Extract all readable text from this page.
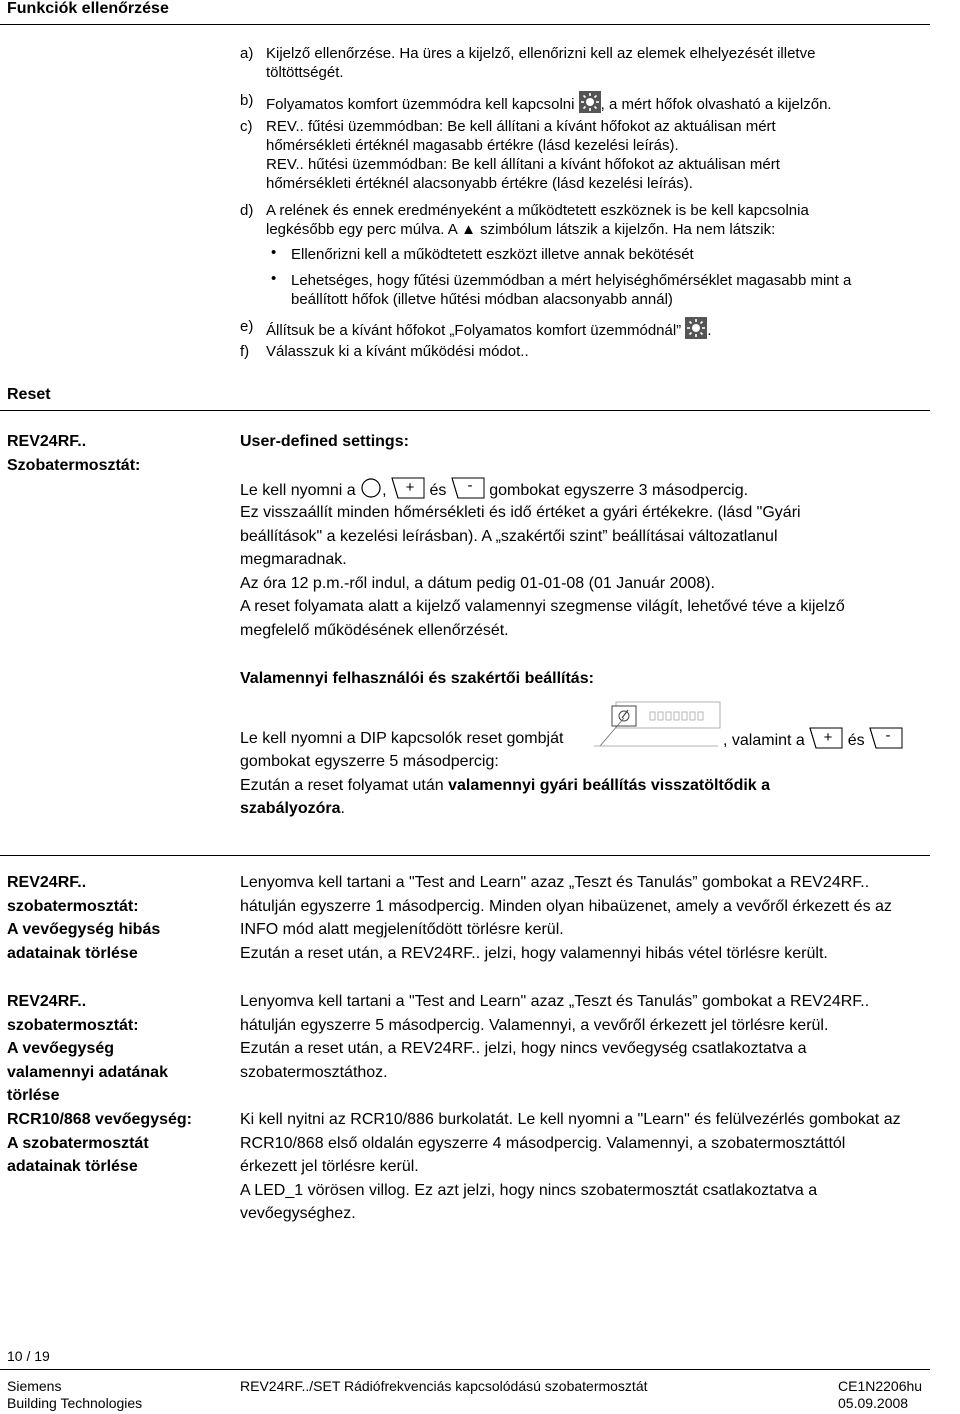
Funkciók ellenőrzése
a) Kijelző ellenőrzése. Ha üres a kijelző, ellenőrizni kell az elemek elhelyezését illetve
töltöttségét.
b) Folyamatos komfort üzemmódra kell kapcsolni , a mért hőfok olvasható a kijelzőn.
c) REV.. fűtési üzemmódban: Be kell állítani a kívánt hőfokot az aktuálisan mért
hőmérsékleti értéknél magasabb értékre (lásd kezelési leírás).
REV.. hűtési üzemmódban: Be kell állítani a kívánt hőfokot az aktuálisan mért
hőmérsékleti értéknél alacsonyabb értékre (lásd kezelési leírás).
d) A relének és ennek eredményeként a működtetett eszköznek is be kell kapcsolnia
legkésőbb egy perc múlva. A ▲ szimbólum látszik a kijelzőn. Ha nem látszik:
• Ellenőrizni kell a működtetett eszközt illetve annak bekötését
• Lehetséges, hogy fűtési üzemmódban a mért helyiséghőmérséklet magasabb mint a
beállított hőfok (illetve hűtési módban alacsonyabb annál)
e) Állítsuk be a kívánt hőfokot „Folyamatos komfort üzemmódnál” .
f) Válasszuk ki a kívánt működési módot..
Reset
REV24RF..
Szobatermosztát:
User-defined settings:
Le kell nyomni a , + és - gombokat egyszerre 3 másodpercig.
Ez visszaállít minden hőmérsékleti és idő értéket a gyári értékekre. (lásd "Gyári
beállítások" a kezelési leírásban). A „szakértői szint” beállításai változatlanul
megmaradnak.
Az óra 12 p.m.-ről indul, a dátum pedig 01-01-08 (01 Január 2008).
A reset folyamata alatt a kijelző valamennyi szegmense világít, lehetővé téve a kijelző
megfelelő működésének ellenőrzését.
Valamennyi felhasználói és szakértői beállítás:
Le kell nyomni a DIP kapcsolók reset gombját	, valamint a + és -
gombokat egyszerre 5 másodpercig:
Ezután a reset folyamat után valamennyi gyári beállítás visszatöltődik a
szabályozóra.
REV24RF..
szobatermosztát:
A vevőegység hibás
adatainak törlése
Lenyomva kell tartani a "Test and Learn" azaz „Teszt és Tanulás” gombokat a REV24RF..
hátulján egyszerre 1 másodpercig. Minden olyan hibaüzenet, amely a vevőről érkezett és az
INFO mód alatt megjelenítődött törlésre kerül.
Ezután a reset után, a REV24RF.. jelzi, hogy valamennyi hibás vétel törlésre került.
REV24RF..
szobatermosztát:
A vevőegység
valamennyi adatának
törlése
Lenyomva kell tartani a "Test and Learn" azaz „Teszt és Tanulás” gombokat a REV24RF..
hátulján egyszerre 5 másodpercig. Valamennyi, a vevőről érkezett jel törlésre kerül.
Ezután a reset után, a REV24RF.. jelzi, hogy nincs vevőegység csatlakoztatva a
szobatermosztáthoz.
RCR10/868 vevőegység:
A szobatermosztát
adatainak törlése
Ki kell nyitni az RCR10/886 burkolatát. Le kell nyomni a "Learn" és felülvezérlés gombokat az
RCR10/868 első oldalán egyszerre 4 másodpercig. Valamennyi, a szobatermosztáttól
érkezett jel törlésre kerül.
A LED_1 vörösen villog. Ez azt jelzi, hogy nincs szobatermosztát csatlakoztatva a
vevőegységhez.
10 / 19
Siemens
Building Technologies
REV24RF../SET Rádiófrekvenciás kapcsolódású szobatermosztát	CE1N2206hu
05.09.2008
